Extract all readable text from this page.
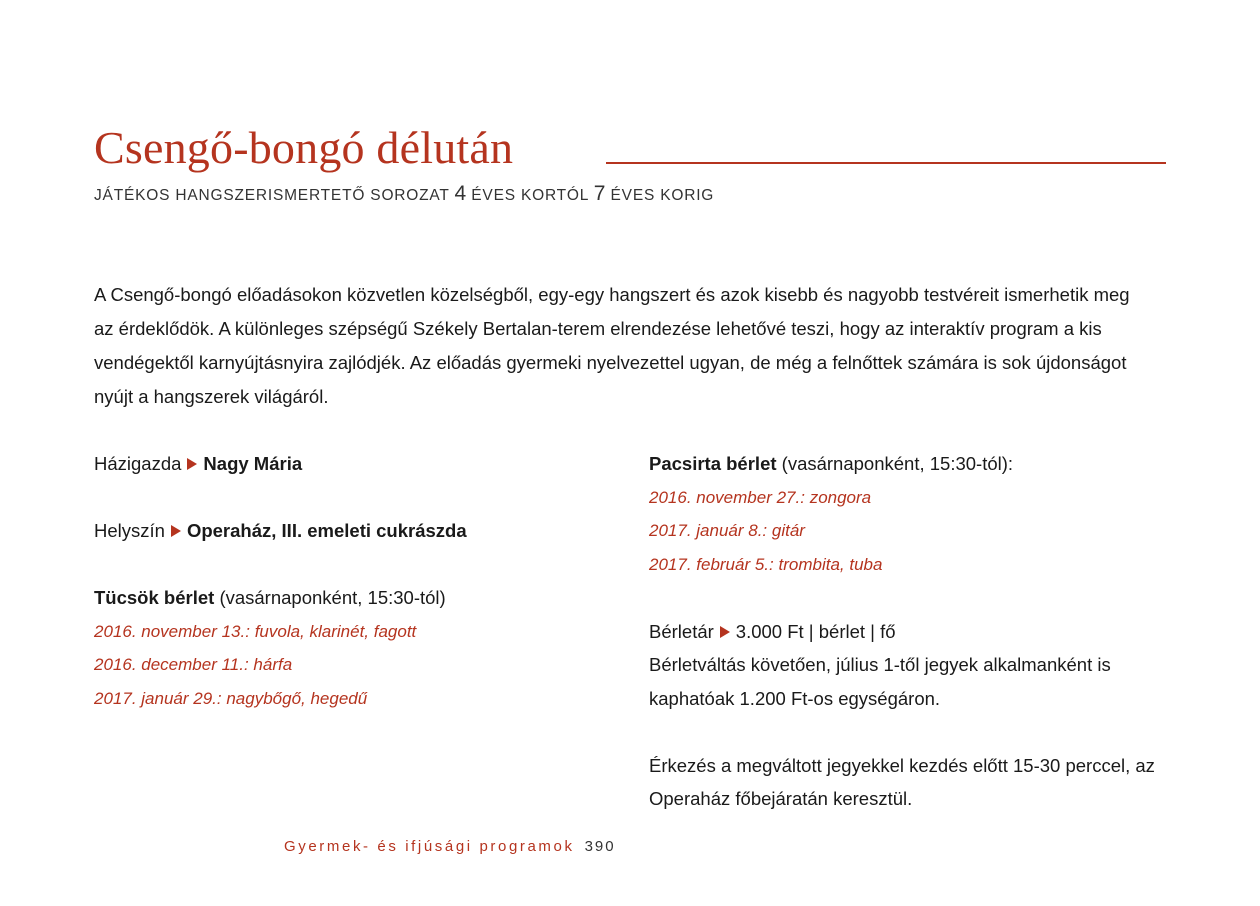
Csengő-bongó délután
JÁTÉKOS HANGSZERISMERTETŐ SOROZAT 4 ÉVES KORTÓL 7 ÉVES KORIG
A Csengő-bongó előadásokon közvetlen közelségből, egy-egy hangszert és azok kisebb és nagyobb testvéreit ismerhetik meg
az érdeklődök. A különleges szépségű Székely Bertalan-terem elrendezése lehetővé teszi, hogy az interaktív program a kis
vendégektől karnyújtásnyira zajlódjék. Az előadás gyermeki nyelvezettel ugyan, de még a felnőttek számára is sok újdonságot
nyújt a hangszerek világáról.
Házigazda Nagy Mária
Helyszín Operaház, III. emeleti cukrászda
Tücsök bérlet (vasárnaponként, 15:30-tól)
2016. november 13.: fuvola, klarinét, fagott
2016. december 11.: hárfa
2017. január 29.: nagybőgő, hegedű
Pacsirta bérlet (vasárnaponként, 15:30-tól):
2016. november 27.: zongora
2017. január 8.: gitár
2017. február 5.: trombita, tuba
Bérletár 3.000 Ft | bérlet | fő
Bérletváltás követően, július 1-től jegyek alkalmanként is
kaphatóak 1.200 Ft-os egységáron.
Érkezés a megváltott jegyekkel kezdés előtt 15-30 perccel, az
Operaház főbejáratán keresztül.
Gyermek- és ifjúsági programok 390
